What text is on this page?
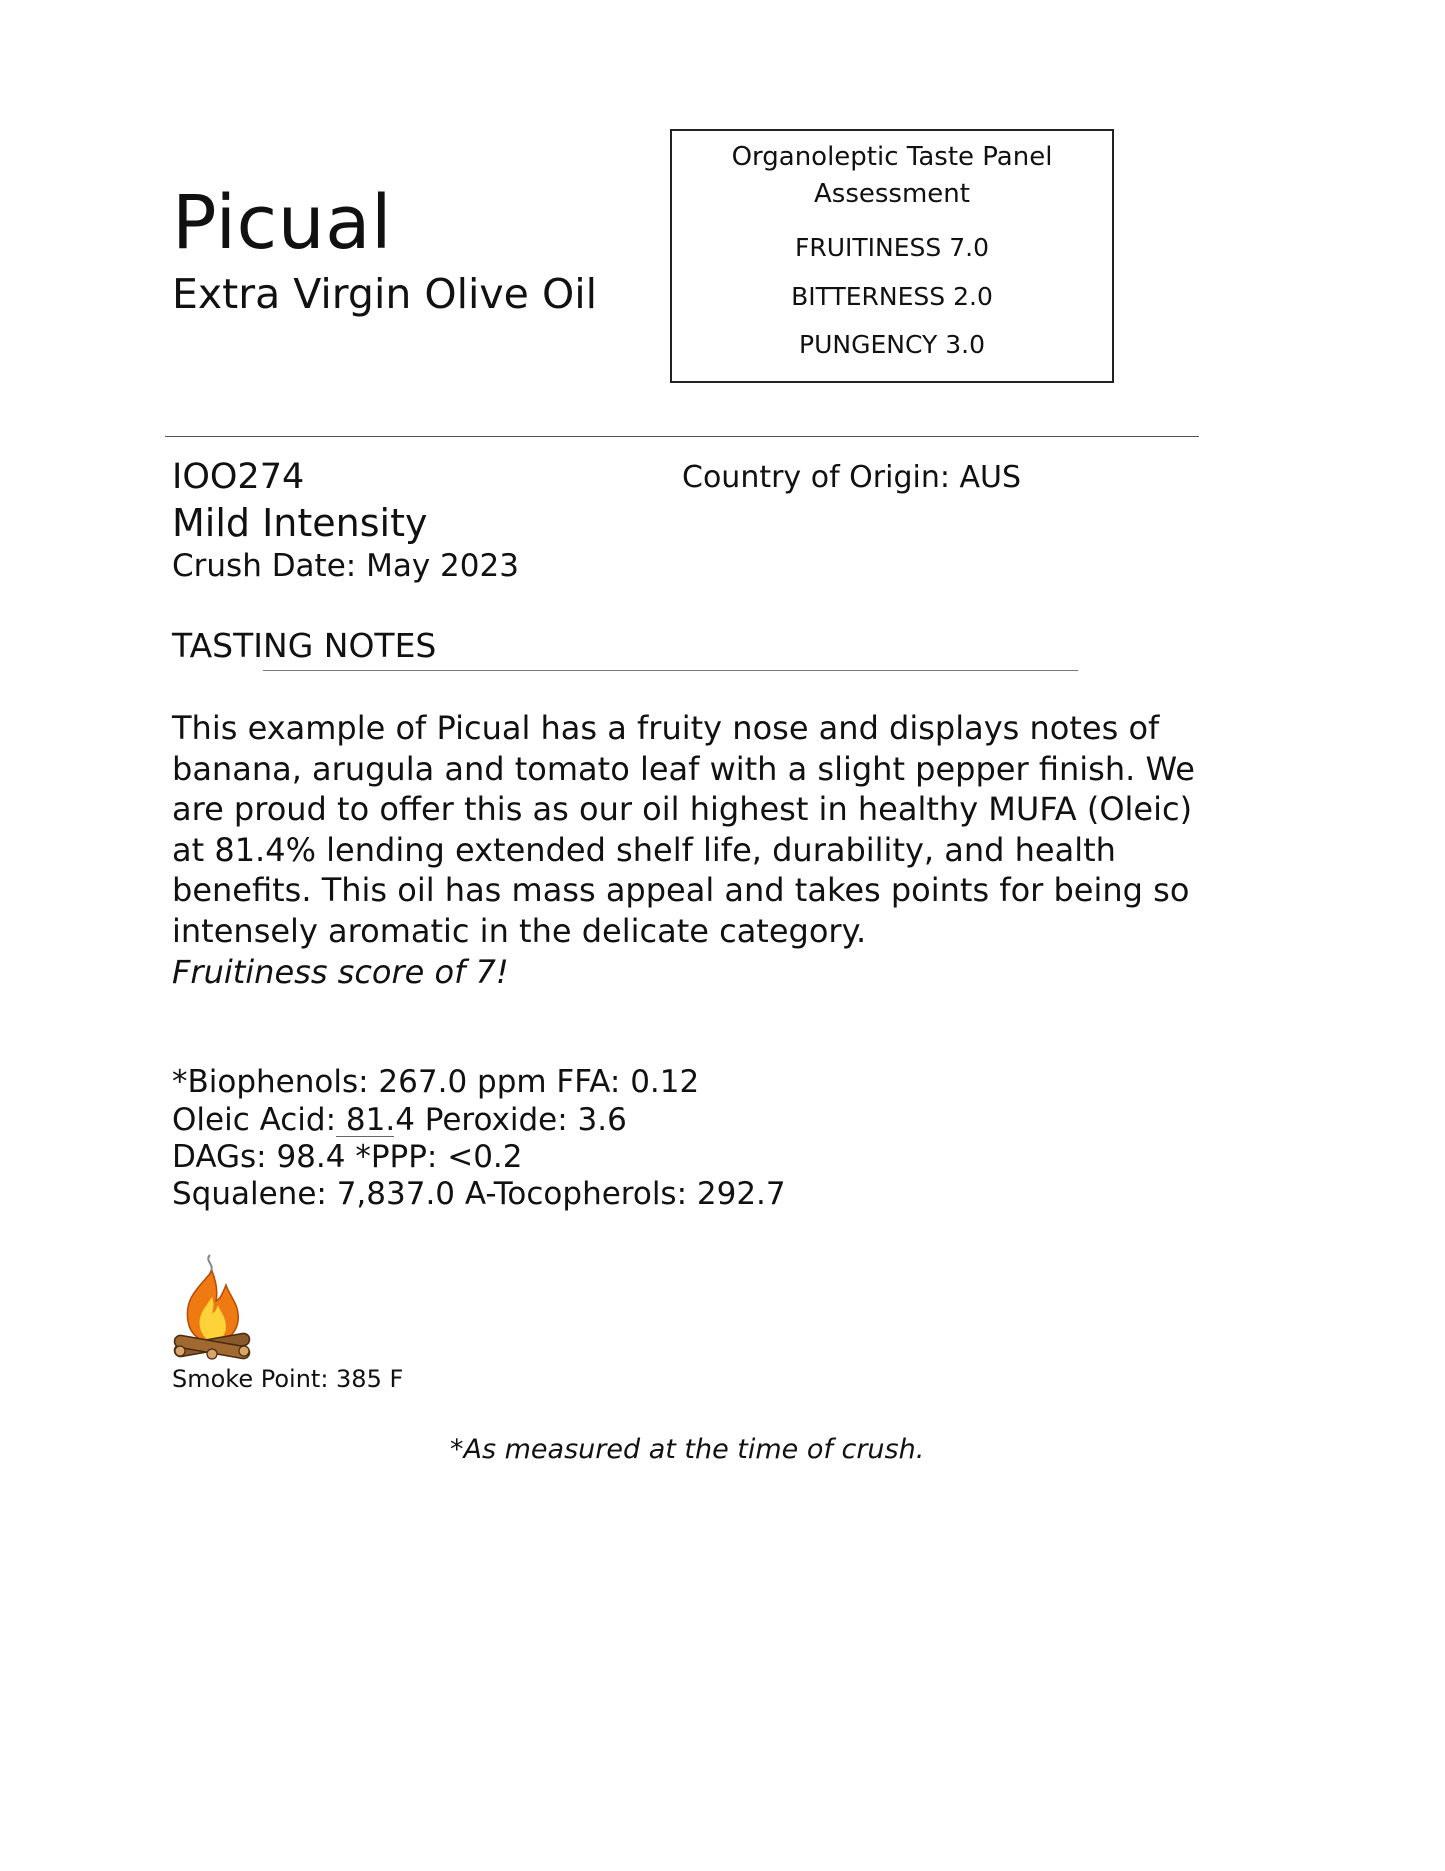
Picual
Extra Virgin Olive Oil
Organoleptic Taste Panel Assessment
FRUITINESS 7.0
BITTERNESS 2.0
PUNGENCY 3.0
IOO274
Mild Intensity
Crush Date: May 2023
Country of Origin: AUS
TASTING NOTES
This example of Picual has a fruity nose and displays notes of banana, arugula and tomato leaf with a slight pepper finish. We are proud to offer this as our oil highest in healthy MUFA (Oleic) at 81.4% lending extended shelf life, durability, and health benefits. This oil has mass appeal and takes points for being so intensely aromatic in the delicate category.
Fruitiness score of 7!
*Biophenols: 267.0 ppm FFA: 0.12
Oleic Acid: 81.4 Peroxide: 3.6
DAGs: 98.4 *PPP: <0.2
Squalene: 7,837.0 A-Tocopherols: 292.7
Smoke Point: 385 F
*As measured at the time of crush.
